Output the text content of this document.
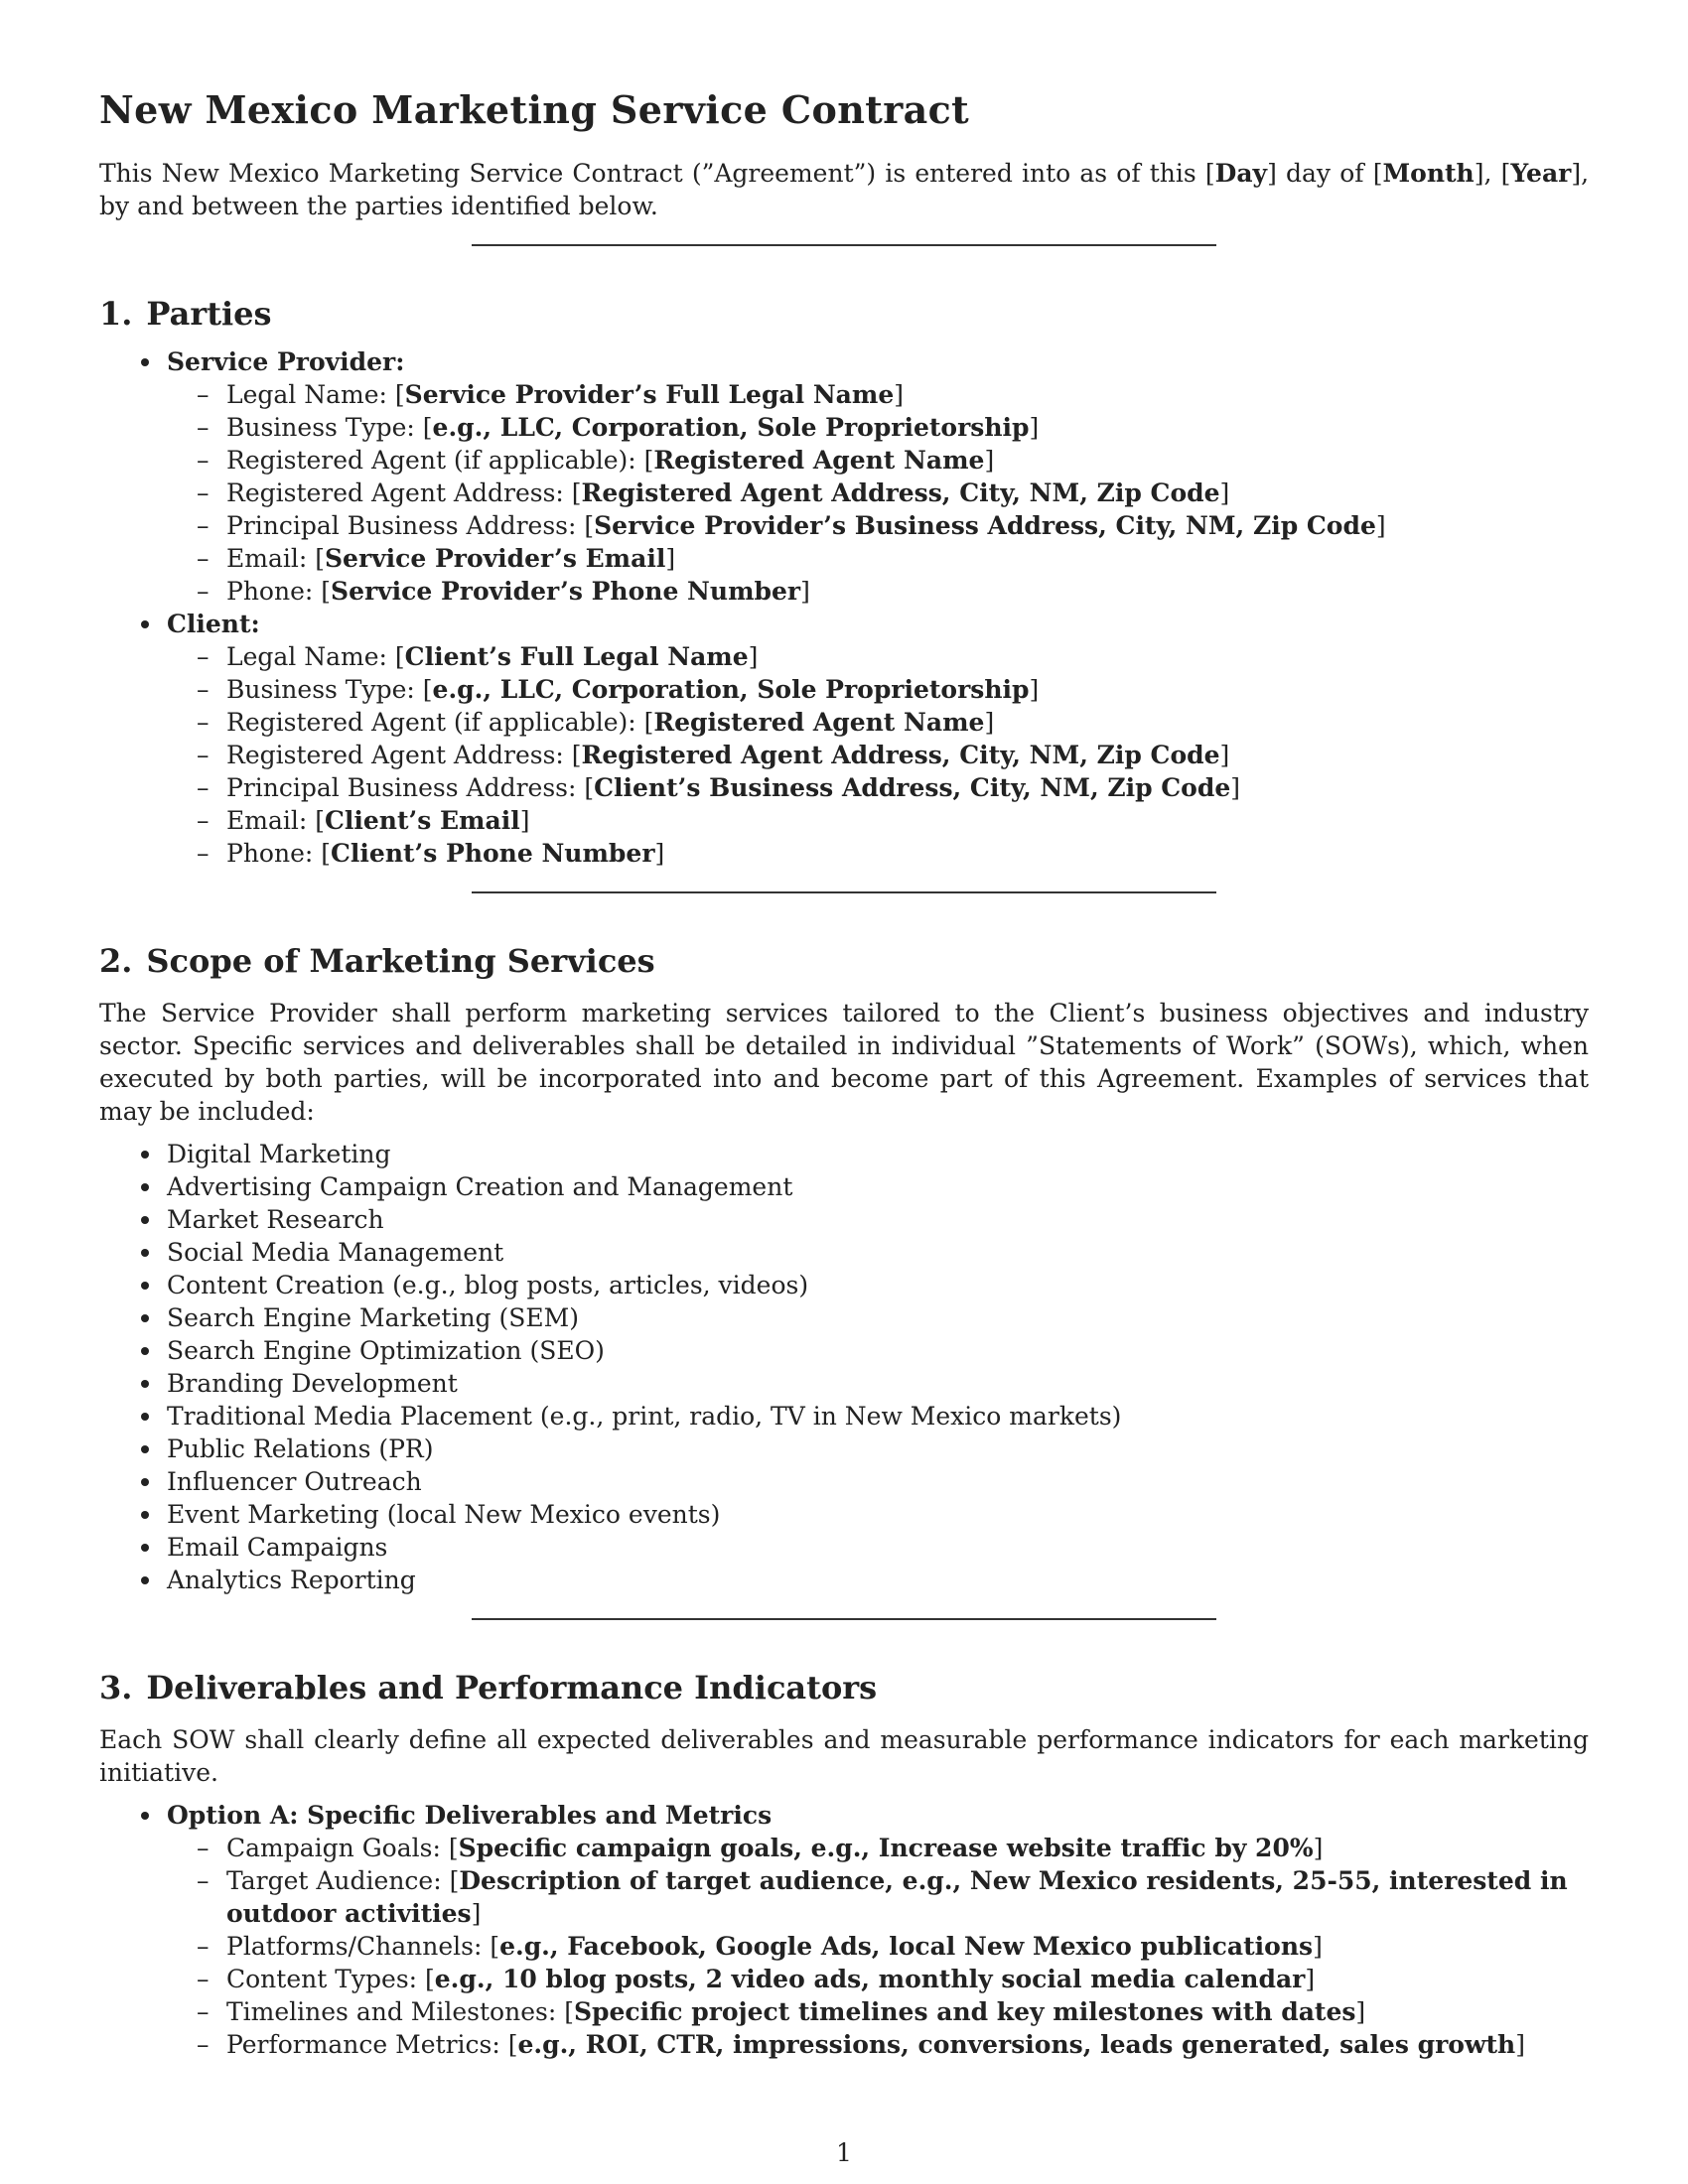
New Mexico Marketing Service Contract

This New Mexico Marketing Service Contract (”Agreement”) is entered into as of this [Day] day of [Month], [Year], by and between the parties identified below.

1. Parties
Service Provider:
– Legal Name: [Service Provider’s Full Legal Name]
– Business Type: [e.g., LLC, Corporation, Sole Proprietorship]
– Registered Agent (if applicable): [Registered Agent Name]
– Registered Agent Address: [Registered Agent Address, City, NM, Zip Code]
– Principal Business Address: [Service Provider’s Business Address, City, NM, Zip Code]
– Email: [Service Provider’s Email]
– Phone: [Service Provider’s Phone Number]
Client:
– Legal Name: [Client’s Full Legal Name]
– Business Type: [e.g., LLC, Corporation, Sole Proprietorship]
– Registered Agent (if applicable): [Registered Agent Name]
– Registered Agent Address: [Registered Agent Address, City, NM, Zip Code]
– Principal Business Address: [Client’s Business Address, City, NM, Zip Code]
– Email: [Client’s Email]
– Phone: [Client’s Phone Number]
2. Scope of Marketing Services

The Service Provider shall perform marketing services tailored to the Client’s business objectives and industry sector. Specific services and deliverables shall be detailed in individual ”Statements of Work” (SOWs), which, when executed by both parties, will be incorporated into and become part of this Agreement. Examples of services that may be included:

Digital Marketing
Advertising Campaign Creation and Management
Market Research
Social Media Management
Content Creation (e.g., blog posts, articles, videos)
Search Engine Marketing (SEM)
Search Engine Optimization (SEO)
Branding Development
Traditional Media Placement (e.g., print, radio, TV in New Mexico markets)
Public Relations (PR)
Influencer Outreach
Event Marketing (local New Mexico events)
Email Campaigns
Analytics Reporting
3. Deliverables and Performance Indicators

Each SOW shall clearly define all expected deliverables and measurable performance indicators for each marketing initiative.

Option A: Specific Deliverables and Metrics
– Campaign Goals: [Specific campaign goals, e.g., Increase website traffic by 20%]
– Target Audience: [Description of target audience, e.g., New Mexico residents, 25-55, interested in outdoor activities]
– Platforms/Channels: [e.g., Facebook, Google Ads, local New Mexico publications]
– Content Types: [e.g., 10 blog posts, 2 video ads, monthly social media calendar]
– Timelines and Milestones: [Specific project timelines and key milestones with dates]
– Performance Metrics: [e.g., ROI, CTR, impressions, conversions, leads generated, sales growth]
1
